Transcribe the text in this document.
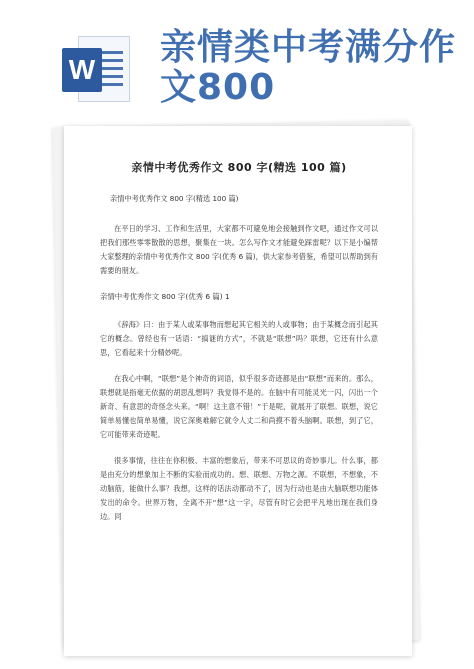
W
亲情类中考满分作文800
亲情中考优秀作文 800 字(精选 100 篇)
亲情中考优秀作文 800 字(精选 100 篇)

在平日的学习、工作和生活里，大家都不可避免地会接触到作文吧，通过作文可以把我们那些零零散散的思想，聚集在一块。怎么写作文才能避免踩雷呢？以下是小编帮大家整理的亲情中考优秀作文 800 字(优秀 6 篇)，供大家参考借鉴，希望可以帮助到有需要的朋友。

亲情中考优秀作文 800 字(优秀 6 篇) 1

《辞海》曰：由于某人或某事物而想起其它相关的人或事物；由于某概念而引起其它的概念。曾经也有一话语：“搞谜的方式”，不就是“联想”吗？联想，它还有什么意思，它看起来十分精妙呢。

在我心中啊，“联想”是个神奇的词语，似乎很多奇迹都是由“联想”而来的。那么，联想就是指毫无依据的胡思乱想吗？我觉得不是的。在脑中有可能灵光一闪，闪出一个新奇、有意思的奇怪念头来。“啊！这主意不错！”于是呢，就展开了联想。联想，说它简单易懂也简单易懂，说它深奥难解它就令人丈二和尚摸不着头脑啊。联想，到了它，它可能带来奇迹呢。

很多事情，往往在你积极、丰富的想象后，带来不可思议的奇妙事儿。什么事，都是由充分的想象加上不断的实验而成功的。想、联想、万物之源。不联想，不想象，不动脑筋，能做什么事？我想，这样的话法动都动不了，因为行动也是由大脑联想功能体发出的命令。世界万物，全离不开“想”这一字，尽管有时它会把平凡地出现在我们身边。同
